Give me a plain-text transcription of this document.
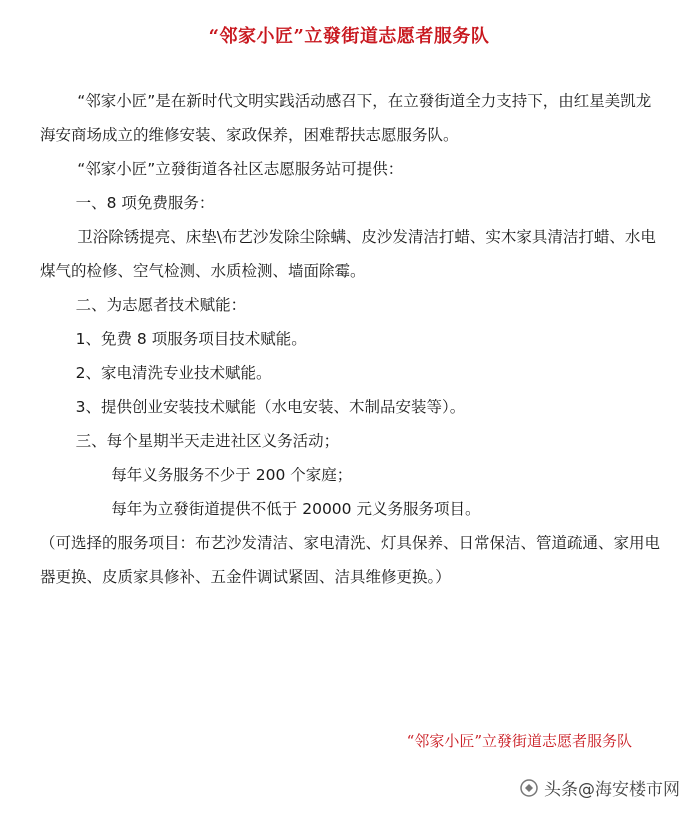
“邻家小匠”立發街道志愿者服务队

“邻家小匠”是在新时代文明实践活动感召下，在立發街道全力支持下，由红星美凯龙海安商场成立的维修安装、家政保养，困难帮扶志愿服务队。

“邻家小匠”立發街道各社区志愿服务站可提供：

一、8 项免费服务：

卫浴除锈提亮、床垫\布艺沙发除尘除螨、皮沙发清洁打蜡、实木家具清洁打蜡、水电煤气的检修、空气检测、水质检测、墙面除霉。

二、为志愿者技术赋能：

1、免费 8 项服务项目技术赋能。

2、家电清洗专业技术赋能。

3、提供创业安装技术赋能（水电安装、木制品安装等）。

三、每个星期半天走进社区义务活动；

每年义务服务不少于 200 个家庭；

每年为立發街道提供不低于 20000 元义务服务项目。

（可选择的服务项目：布艺沙发清洁、家电清洗、灯具保养、日常保洁、管道疏通、家用电器更换、皮质家具修补、五金件调试紧固、洁具维修更换。）

“邻家小匠”立發街道志愿者服务队
头条@海安楼市网
